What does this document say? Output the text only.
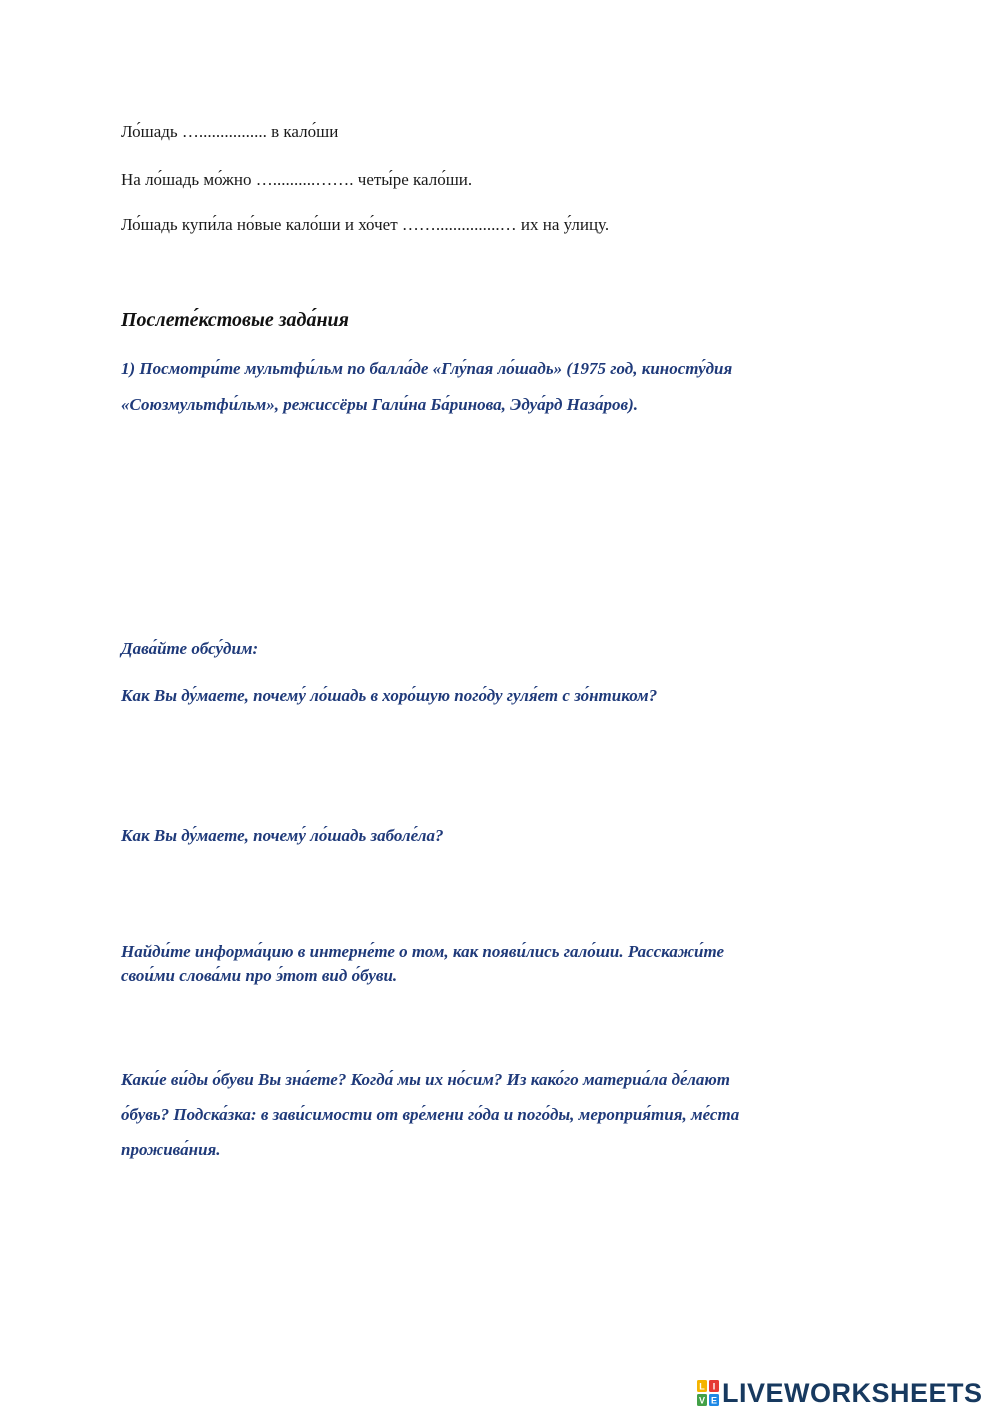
Ло́шадь …................ в кало́ши

На ло́шадь мо́жно …..........……. четы́ре кало́ши.

Ло́шадь купи́ла но́вые кало́ши и хо́чет ……...............… их на у́лицу.

Послете́кстовые зада́ния

1) Посмотри́те мультфи́льм по балла́де «Глу́пая ло́шадь» (1975 год, киносту́дия

«Союзмультфи́льм», режиссёры Гали́на Ба́ринова, Эдуа́рд Наза́ров).

Дава́йте обсу́дим:

Как Вы ду́маете, почему́ ло́шадь в хоро́шую пого́ду гуля́ет с зо́нтиком?

Как Вы ду́маете, почему́ ло́шадь заболе́ла?

Найди́те информа́цию в интерне́те о том, как появи́лись гало́ши. Расскажи́те

свои́ми слова́ми про э́тот вид о́буви.

Каки́е ви́ды о́буви Вы зна́ете? Когда́ мы их но́сим? Из како́го материа́ла де́лают

о́бувь? Подска́зка: в зави́симости от вре́мени го́да и пого́ды, мероприя́тия, ме́ста

прожива́ния.

L I
V E LIVEWORKSHEETS
